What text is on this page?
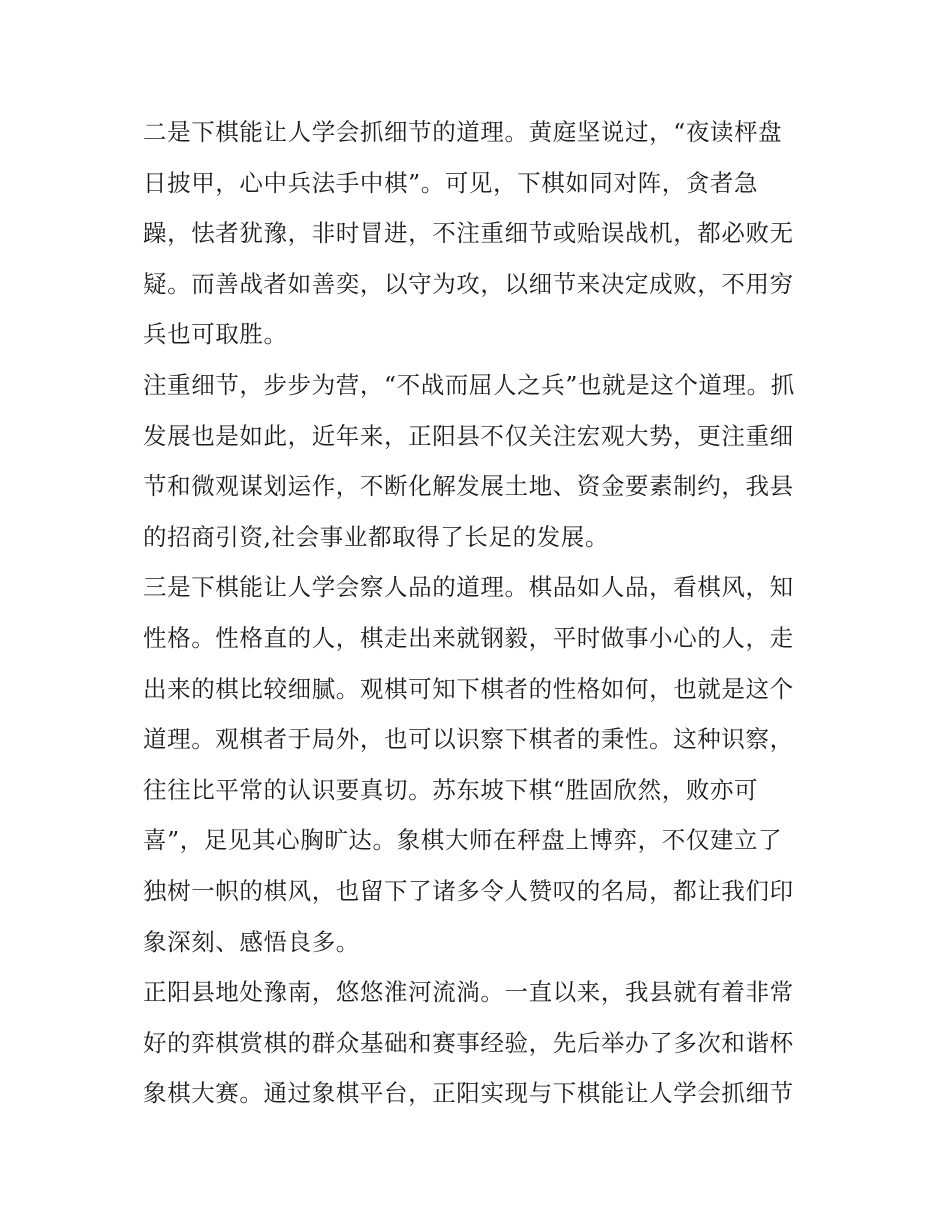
二是下棋能让人学会抓细节的道理。黄庭坚说过，“夜读枰盘
日披甲，心中兵法手中棋”。可见，下棋如同对阵，贪者急
躁，怯者犹豫，非时冒进，不注重细节或贻误战机，都必败无
疑。而善战者如善奕，以守为攻，以细节来决定成败，不用穷
兵也可取胜。
注重细节，步步为营，“不战而屈人之兵”也就是这个道理。抓
发展也是如此，近年来，正阳县不仅关注宏观大势，更注重细
节和微观谋划运作，不断化解发展土地、资金要素制约，我县
的招商引资,社会事业都取得了长足的发展。
三是下棋能让人学会察人品的道理。棋品如人品，看棋风，知
性格。性格直的人，棋走出来就钢毅，平时做事小心的人，走
出来的棋比较细腻。观棋可知下棋者的性格如何，也就是这个
道理。观棋者于局外，也可以识察下棋者的秉性。这种识察，
往往比平常的认识要真切。苏东坡下棋“胜固欣然，败亦可
喜”，足见其心胸旷达。象棋大师在秤盘上博弈，不仅建立了
独树一帜的棋风，也留下了诸多令人赞叹的名局，都让我们印
象深刻、感悟良多。
正阳县地处豫南，悠悠淮河流淌。一直以来，我县就有着非常
好的弈棋赏棋的群众基础和赛事经验，先后举办了多次和谐杯
象棋大赛。通过象棋平台，正阳实现与下棋能让人学会抓细节
